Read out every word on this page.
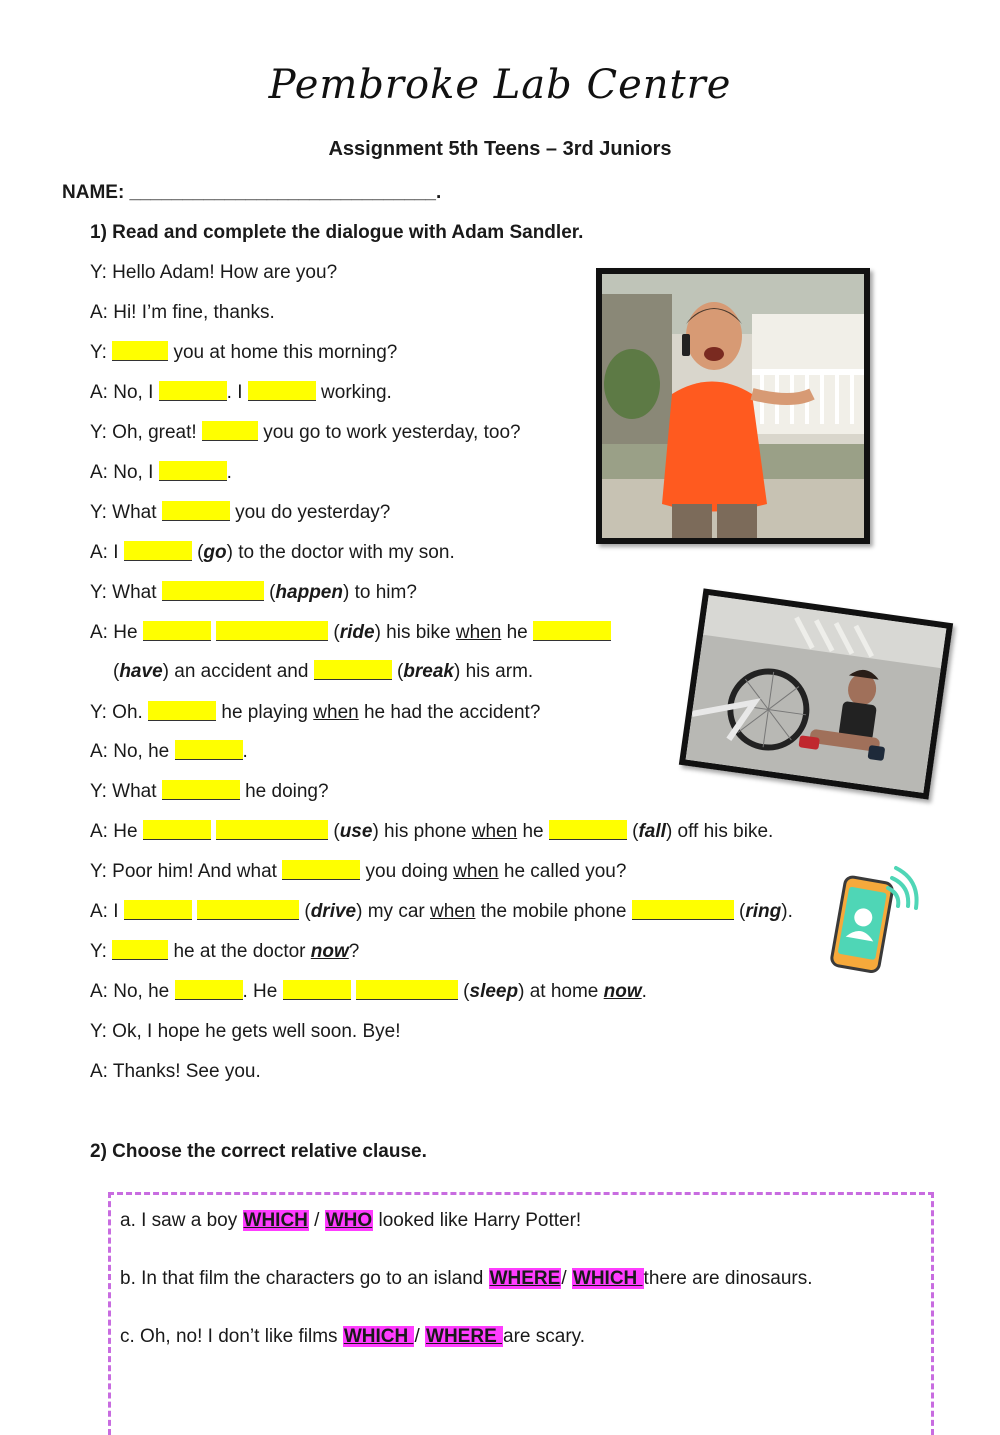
Pembroke Lab Centre
Assignment 5th Teens – 3rd Juniors
NAME: _____________________________.
1) Read and complete the dialogue with Adam Sandler.
Y: Hello Adam! How are you?
A: Hi! I’m fine, thanks.
Y:	you at home this morning?
A: No, I	. I	working.
Y: Oh, great!	you go to work yesterday, too?
A: No, I	.
Y: What	you do yesterday?
A: I	(go) to the doctor with my son.
Y: What	(happen) to him?
A: He	(ride) his bike when he
(have) an accident and	(break) his arm.
Y: Oh.	he playing when he had the accident?
A: No, he	.
Y: What	he doing?
A: He	(use) his phone when he	(fall) off his bike.
Y: Poor him! And what	you doing when he called you?
A: I	(drive) my car when the mobile phone	(ring).
Y:	he at the doctor now?
A: No, he	. He	(sleep) at home now.
Y: Ok, I hope he gets well soon. Bye!
A: Thanks! See you.
2) Choose the correct relative clause.
a. I saw a boy WHICH / WHO looked like Harry Potter!
b. In that film the characters go to an island WHERE/ WHICH there are dinosaurs.
c. Oh, no! I don’t like films WHICH / WHERE are scary.
